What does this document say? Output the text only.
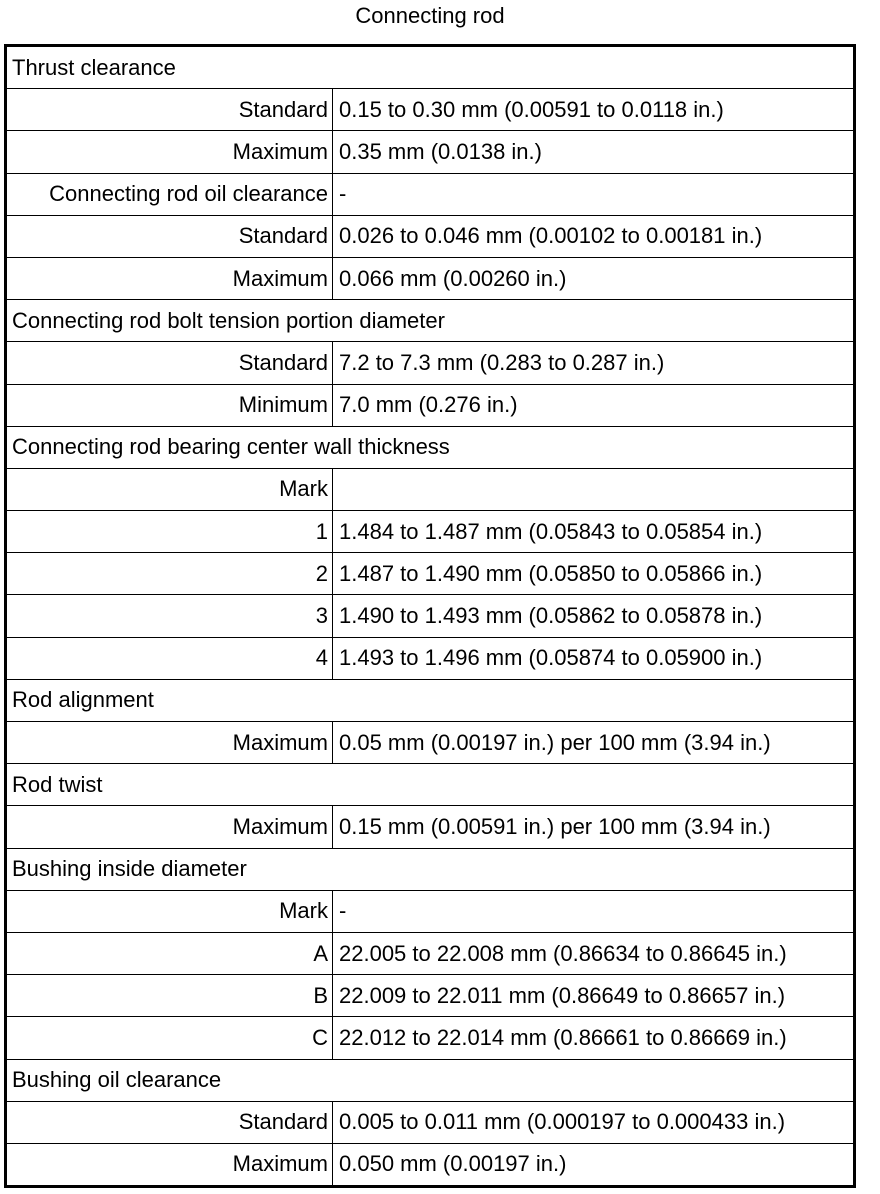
Connecting rod
Thrust clearance	
Standard	0.15 to 0.30 mm (0.00591 to 0.0118 in.)
Maximum	0.35 mm (0.0138 in.)
Connecting rod oil clearance	-
Standard	0.026 to 0.046 mm (0.00102 to 0.00181 in.)
Maximum	0.066 mm (0.00260 in.)
Connecting rod bolt tension portion diameter	
Standard	7.2 to 7.3 mm (0.283 to 0.287 in.)
Minimum	7.0 mm (0.276 in.)
Connecting rod bearing center wall thickness	
Mark	
1	1.484 to 1.487 mm (0.05843 to 0.05854 in.)
2	1.487 to 1.490 mm (0.05850 to 0.05866 in.)
3	1.490 to 1.493 mm (0.05862 to 0.05878 in.)
4	1.493 to 1.496 mm (0.05874 to 0.05900 in.)
Rod alignment	
Maximum	0.05 mm (0.00197 in.) per 100 mm (3.94 in.)
Rod twist	
Maximum	0.15 mm (0.00591 in.) per 100 mm (3.94 in.)
Bushing inside diameter	
Mark	-
A	22.005 to 22.008 mm (0.86634 to 0.86645 in.)
B	22.009 to 22.011 mm (0.86649 to 0.86657 in.)
C	22.012 to 22.014 mm (0.86661 to 0.86669 in.)
Bushing oil clearance	
Standard	0.005 to 0.011 mm (0.000197 to 0.000433 in.)
Maximum	0.050 mm (0.00197 in.)
